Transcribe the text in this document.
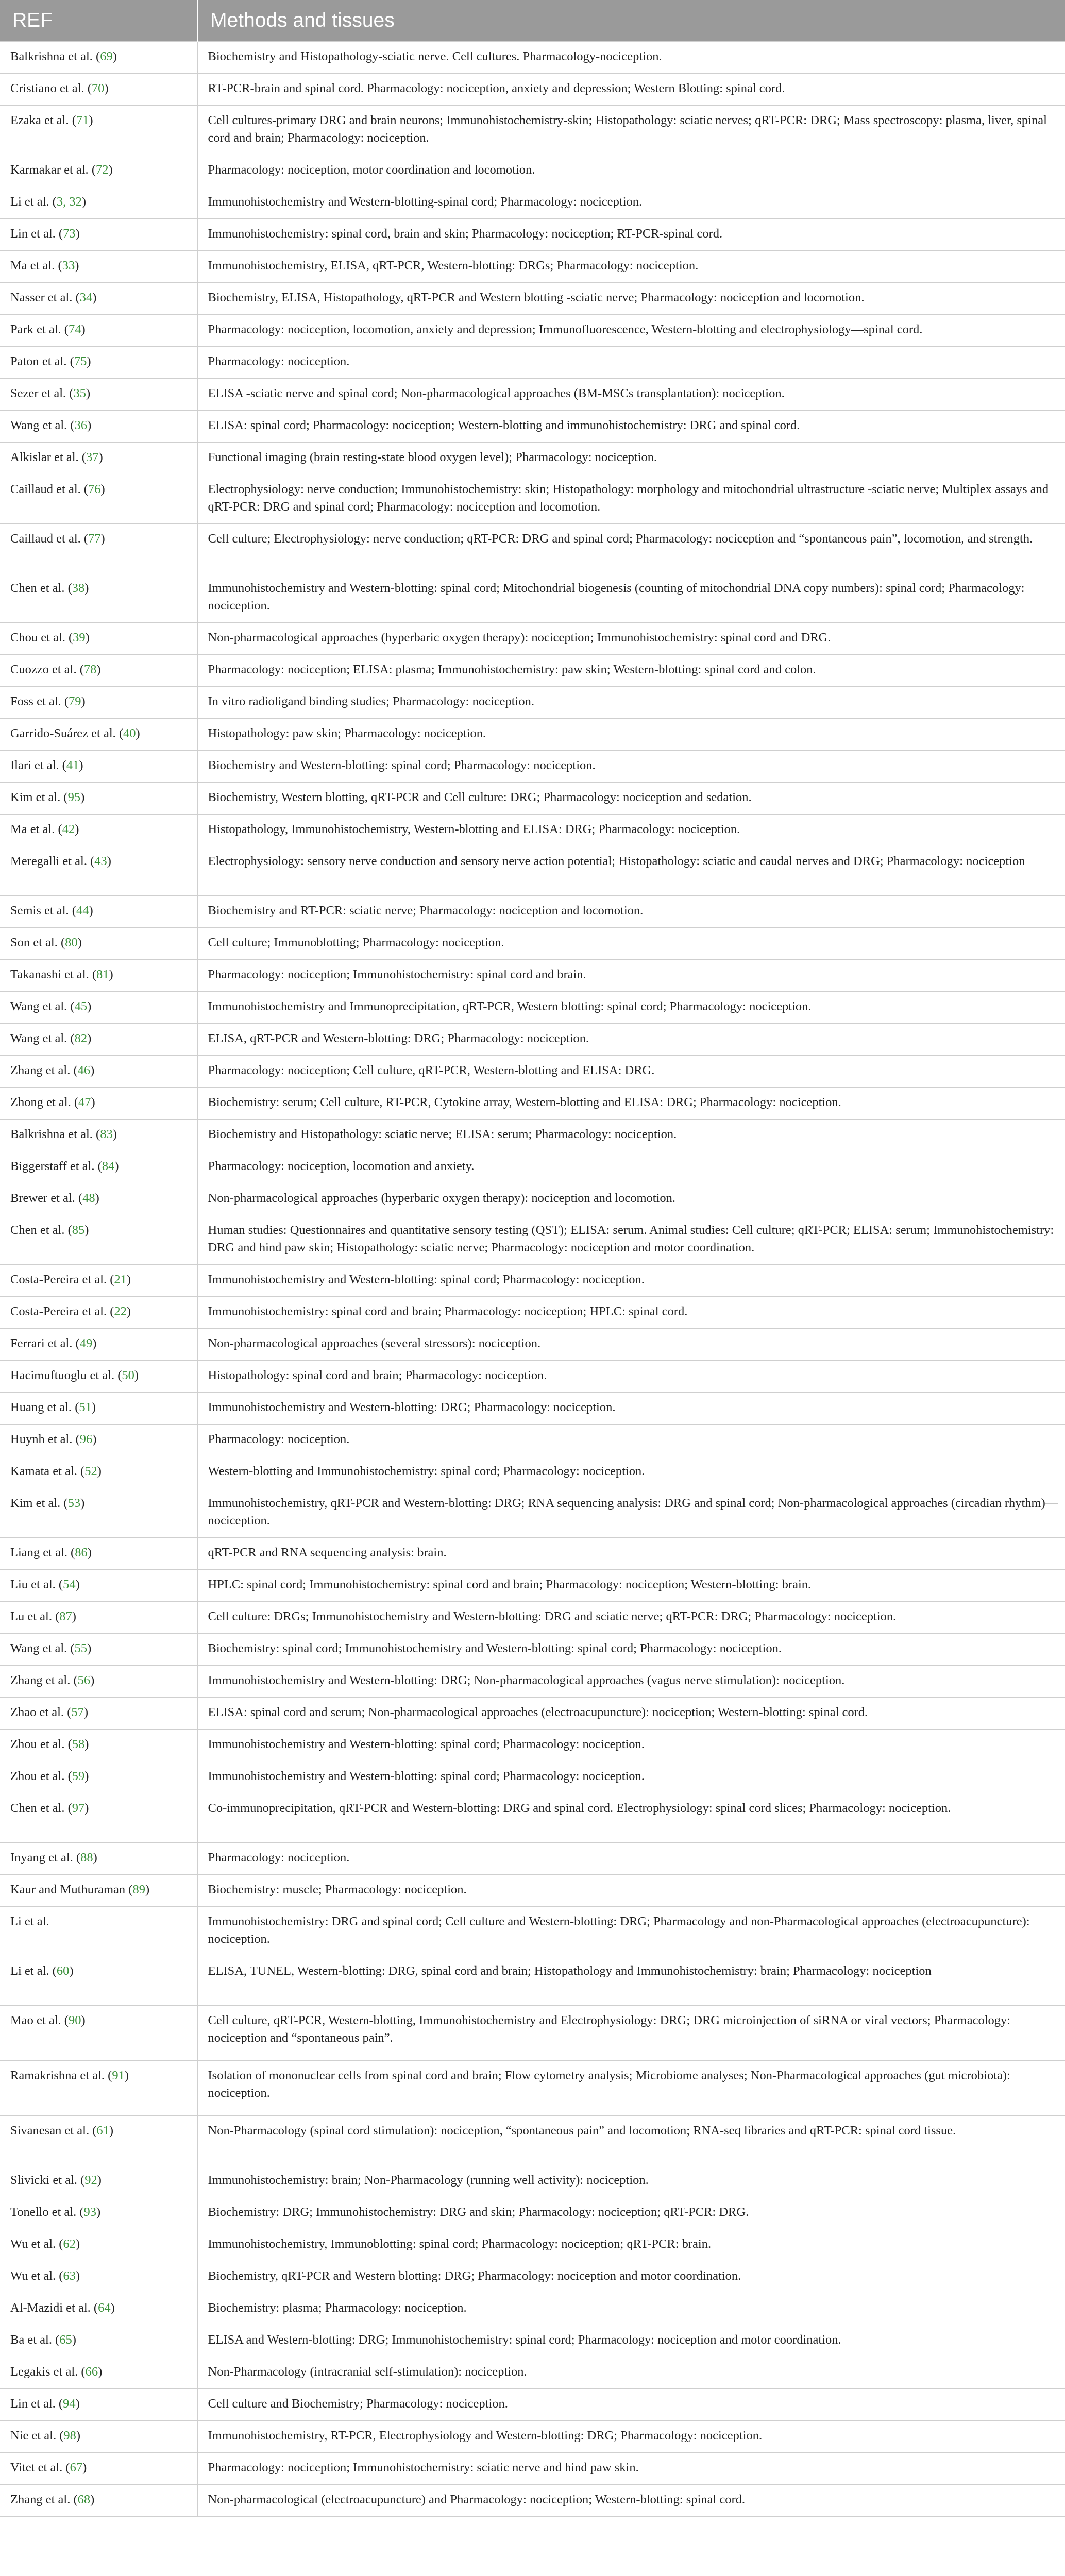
REF	Methods and tissues
Balkrishna et al. (69)	Biochemistry and Histopathology-sciatic nerve. Cell cultures. Pharmacology-nociception.
Cristiano et al. (70)	RT-PCR-brain and spinal cord. Pharmacology: nociception, anxiety and depression; Western Blotting: spinal cord.
Ezaka et al. (71)	Cell cultures-primary DRG and brain neurons; Immunohistochemistry-skin; Histopathology: sciatic nerves; qRT-PCR: DRG; Mass spectroscopy: plasma, liver, spinal cord and brain; Pharmacology: nociception.
Karmakar et al. (72)	Pharmacology: nociception, motor coordination and locomotion.
Li et al. (3, 32)	Immunohistochemistry and Western-blotting-spinal cord; Pharmacology: nociception.
Lin et al. (73)	Immunohistochemistry: spinal cord, brain and skin; Pharmacology: nociception; RT-PCR-spinal cord.
Ma et al. (33)	Immunohistochemistry, ELISA, qRT-PCR, Western-blotting: DRGs; Pharmacology: nociception.
Nasser et al. (34)	Biochemistry, ELISA, Histopathology, qRT-PCR and Western blotting -sciatic nerve; Pharmacology: nociception and locomotion.
Park et al. (74)	Pharmacology: nociception, locomotion, anxiety and depression; Immunofluorescence, Western-blotting and electrophysiology—spinal cord.
Paton et al. (75)	Pharmacology: nociception.
Sezer et al. (35)	ELISA -sciatic nerve and spinal cord; Non-pharmacological approaches (BM-MSCs transplantation): nociception.
Wang et al. (36)	ELISA: spinal cord; Pharmacology: nociception; Western-blotting and immunohistochemistry: DRG and spinal cord.
Alkislar et al. (37)	Functional imaging (brain resting-state blood oxygen level); Pharmacology: nociception.
Caillaud et al. (76)	Electrophysiology: nerve conduction; Immunohistochemistry: skin; Histopathology: morphology and mitochondrial ultrastructure -sciatic nerve; Multiplex assays and qRT-PCR: DRG and spinal cord; Pharmacology: nociception and locomotion.
Caillaud et al. (77)	Cell culture; Electrophysiology: nerve conduction; qRT-PCR: DRG and spinal cord; Pharmacology: nociception and “spontaneous pain”, locomotion, and strength.
Chen et al. (38)	Immunohistochemistry and Western-blotting: spinal cord; Mitochondrial biogenesis (counting of mitochondrial DNA copy numbers): spinal cord; Pharmacology: nociception.
Chou et al. (39)	Non-pharmacological approaches (hyperbaric oxygen therapy): nociception; Immunohistochemistry: spinal cord and DRG.
Cuozzo et al. (78)	Pharmacology: nociception; ELISA: plasma; Immunohistochemistry: paw skin; Western-blotting: spinal cord and colon.
Foss et al. (79)	In vitro radioligand binding studies; Pharmacology: nociception.
Garrido-Suárez et al. (40)	Histopathology: paw skin; Pharmacology: nociception.
Ilari et al. (41)	Biochemistry and Western-blotting: spinal cord; Pharmacology: nociception.
Kim et al. (95)	Biochemistry, Western blotting, qRT-PCR and Cell culture: DRG; Pharmacology: nociception and sedation.
Ma et al. (42)	Histopathology, Immunohistochemistry, Western-blotting and ELISA: DRG; Pharmacology: nociception.
Meregalli et al. (43)	Electrophysiology: sensory nerve conduction and sensory nerve action potential; Histopathology: sciatic and caudal nerves and DRG; Pharmacology: nociception
Semis et al. (44)	Biochemistry and RT-PCR: sciatic nerve; Pharmacology: nociception and locomotion.
Son et al. (80)	Cell culture; Immunoblotting; Pharmacology: nociception.
Takanashi et al. (81)	Pharmacology: nociception; Immunohistochemistry: spinal cord and brain.
Wang et al. (45)	Immunohistochemistry and Immunoprecipitation, qRT-PCR, Western blotting: spinal cord; Pharmacology: nociception.
Wang et al. (82)	ELISA, qRT-PCR and Western-blotting: DRG; Pharmacology: nociception.
Zhang et al. (46)	Pharmacology: nociception; Cell culture, qRT-PCR, Western-blotting and ELISA: DRG.
Zhong et al. (47)	Biochemistry: serum; Cell culture, RT-PCR, Cytokine array, Western-blotting and ELISA: DRG; Pharmacology: nociception.
Balkrishna et al. (83)	Biochemistry and Histopathology: sciatic nerve; ELISA: serum; Pharmacology: nociception.
Biggerstaff et al. (84)	Pharmacology: nociception, locomotion and anxiety.
Brewer et al. (48)	Non-pharmacological approaches (hyperbaric oxygen therapy): nociception and locomotion.
Chen et al. (85)	Human studies: Questionnaires and quantitative sensory testing (QST); ELISA: serum. Animal studies: Cell culture; qRT-PCR; ELISA: serum; Immunohistochemistry: DRG and hind paw skin; Histopathology: sciatic nerve; Pharmacology: nociception and motor coordination.
Costa-Pereira et al. (21)	Immunohistochemistry and Western-blotting: spinal cord; Pharmacology: nociception.
Costa-Pereira et al. (22)	Immunohistochemistry: spinal cord and brain; Pharmacology: nociception; HPLC: spinal cord.
Ferrari et al. (49)	Non-pharmacological approaches (several stressors): nociception.
Hacimuftuoglu et al. (50)	Histopathology: spinal cord and brain; Pharmacology: nociception.
Huang et al. (51)	Immunohistochemistry and Western-blotting: DRG; Pharmacology: nociception.
Huynh et al. (96)	Pharmacology: nociception.
Kamata et al. (52)	Western-blotting and Immunohistochemistry: spinal cord; Pharmacology: nociception.
Kim et al. (53)	Immunohistochemistry, qRT-PCR and Western-blotting: DRG; RNA sequencing analysis: DRG and spinal cord; Non-pharmacological approaches (circadian rhythm)—nociception.
Liang et al. (86)	qRT-PCR and RNA sequencing analysis: brain.
Liu et al. (54)	HPLC: spinal cord; Immunohistochemistry: spinal cord and brain; Pharmacology: nociception; Western-blotting: brain.
Lu et al. (87)	Cell culture: DRGs; Immunohistochemistry and Western-blotting: DRG and sciatic nerve; qRT-PCR: DRG; Pharmacology: nociception.
Wang et al. (55)	Biochemistry: spinal cord; Immunohistochemistry and Western-blotting: spinal cord; Pharmacology: nociception.
Zhang et al. (56)	Immunohistochemistry and Western-blotting: DRG; Non-pharmacological approaches (vagus nerve stimulation): nociception.
Zhao et al. (57)	ELISA: spinal cord and serum; Non-pharmacological approaches (electroacupuncture): nociception; Western-blotting: spinal cord.
Zhou et al. (58)	Immunohistochemistry and Western-blotting: spinal cord; Pharmacology: nociception.
Zhou et al. (59)	Immunohistochemistry and Western-blotting: spinal cord; Pharmacology: nociception.
Chen et al. (97)	Co-immunoprecipitation, qRT-PCR and Western-blotting: DRG and spinal cord. Electrophysiology: spinal cord slices; Pharmacology: nociception.
Inyang et al. (88)	Pharmacology: nociception.
Kaur and Muthuraman (89)	Biochemistry: muscle; Pharmacology: nociception.
Li et al.	Immunohistochemistry: DRG and spinal cord; Cell culture and Western-blotting: DRG; Pharmacology and non-Pharmacological approaches (electroacupuncture): nociception.
Li et al. (60)	ELISA, TUNEL, Western-blotting: DRG, spinal cord and brain; Histopathology and Immunohistochemistry: brain; Pharmacology: nociception
Mao et al. (90)	Cell culture, qRT-PCR, Western-blotting, Immunohistochemistry and Electrophysiology: DRG; DRG microinjection of siRNA or viral vectors; Pharmacology: nociception and “spontaneous pain”.
Ramakrishna et al. (91)	Isolation of mononuclear cells from spinal cord and brain; Flow cytometry analysis; Microbiome analyses; Non-Pharmacological approaches (gut microbiota): nociception.
Sivanesan et al. (61)	Non-Pharmacology (spinal cord stimulation): nociception, “spontaneous pain” and locomotion; RNA-seq libraries and qRT-PCR: spinal cord tissue.
Slivicki et al. (92)	Immunohistochemistry: brain; Non-Pharmacology (running well activity): nociception.
Tonello et al. (93)	Biochemistry: DRG; Immunohistochemistry: DRG and skin; Pharmacology: nociception; qRT-PCR: DRG.
Wu et al. (62)	Immunohistochemistry, Immunoblotting: spinal cord; Pharmacology: nociception; qRT-PCR: brain.
Wu et al. (63)	Biochemistry, qRT-PCR and Western blotting: DRG; Pharmacology: nociception and motor coordination.
Al-Mazidi et al. (64)	Biochemistry: plasma; Pharmacology: nociception.
Ba et al. (65)	ELISA and Western-blotting: DRG; Immunohistochemistry: spinal cord; Pharmacology: nociception and motor coordination.
Legakis et al. (66)	Non-Pharmacology (intracranial self-stimulation): nociception.
Lin et al. (94)	Cell culture and Biochemistry; Pharmacology: nociception.
Nie et al. (98)	Immunohistochemistry, RT-PCR, Electrophysiology and Western-blotting: DRG; Pharmacology: nociception.
Vitet et al. (67)	Pharmacology: nociception; Immunohistochemistry: sciatic nerve and hind paw skin.
Zhang et al. (68)	Non-pharmacological (electroacupuncture) and Pharmacology: nociception; Western-blotting: spinal cord.
